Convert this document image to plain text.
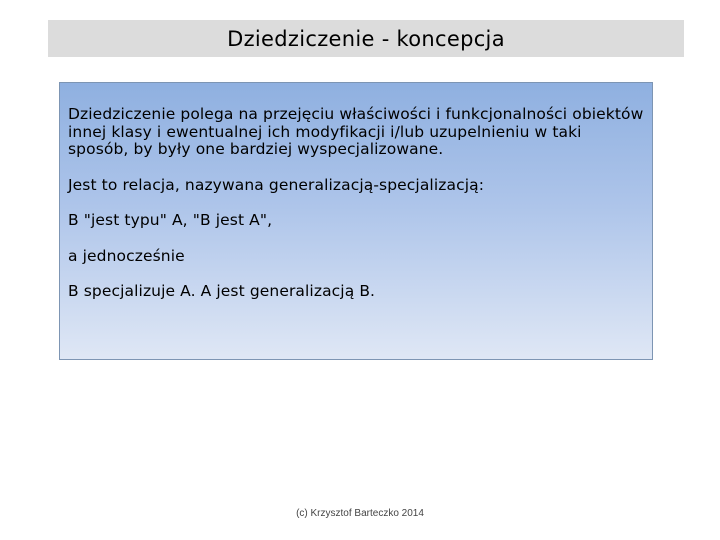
Dziedziczenie - koncepcja

Dziedziczenie polega na przejęciu właściwości i funkcjonalności obiektów innej klasy i ewentualnej ich modyfikacji i/lub uzupelnieniu w taki sposób, by były one bardziej wyspecjalizowane.

Jest to relacja, nazywana generalizacją-specjalizacją:

B "jest typu" A, "B jest A",

a jednocześnie

B specjalizuje A. A jest generalizacją B.

(c) Krzysztof Barteczko 2014
